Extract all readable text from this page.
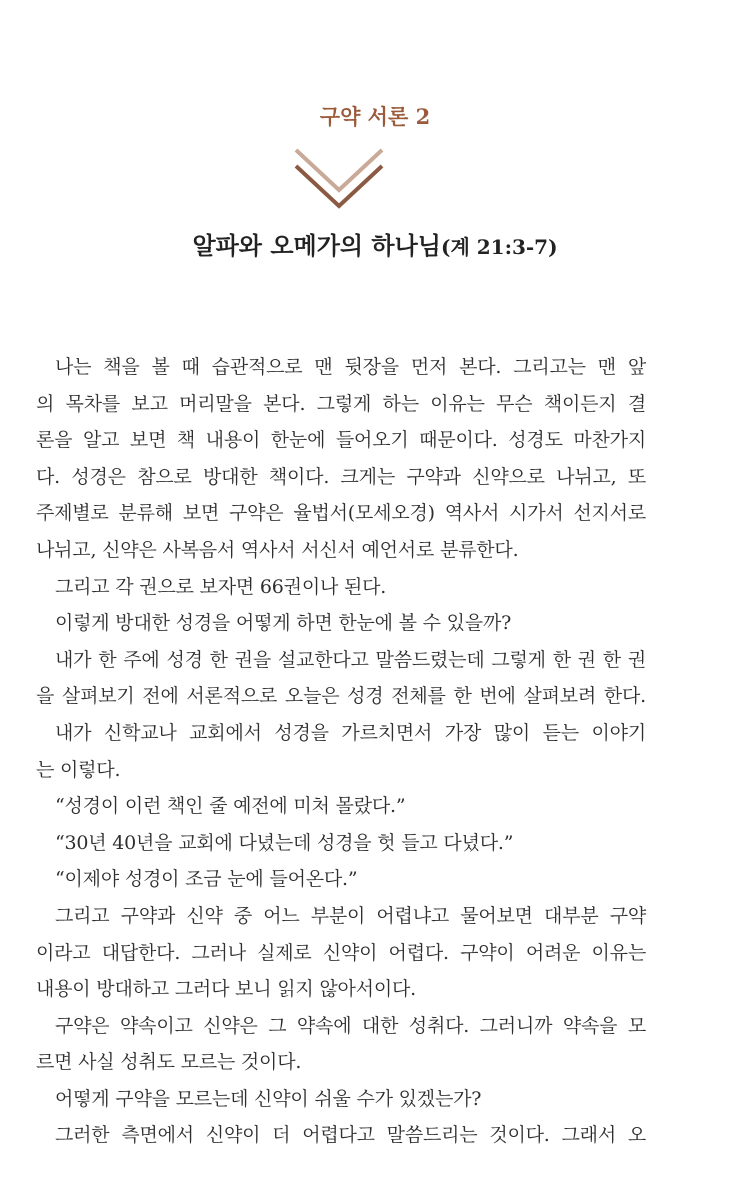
구약 서론 2
알파와 오메가의 하나님(계 21:3-7)
나는 책을 볼 때 습관적으로 맨 뒷장을 먼저 본다. 그리고는 맨 앞
의 목차를 보고 머리말을 본다. 그렇게 하는 이유는 무슨 책이든지 결
론을 알고 보면 책 내용이 한눈에 들어오기 때문이다. 성경도 마찬가지
다. 성경은 참으로 방대한 책이다. 크게는 구약과 신약으로 나뉘고, 또
주제별로 분류해 보면 구약은 율법서(모세오경) 역사서 시가서 선지서로
나뉘고, 신약은 사복음서 역사서 서신서 예언서로 분류한다.
그리고 각 권으로 보자면 66권이나 된다.
이렇게 방대한 성경을 어떻게 하면 한눈에 볼 수 있을까?
내가 한 주에 성경 한 권을 설교한다고 말씀드렸는데 그렇게 한 권 한 권
을 살펴보기 전에 서론적으로 오늘은 성경 전체를 한 번에 살펴보려 한다.
내가 신학교나 교회에서 성경을 가르치면서 가장 많이 듣는 이야기
는 이렇다.
“성경이 이런 책인 줄 예전에 미처 몰랐다.”
“30년 40년을 교회에 다녔는데 성경을 헛 들고 다녔다.”
“이제야 성경이 조금 눈에 들어온다.”
그리고 구약과 신약 중 어느 부분이 어렵냐고 물어보면 대부분 구약
이라고 대답한다. 그러나 실제로 신약이 어렵다. 구약이 어려운 이유는
내용이 방대하고 그러다 보니 읽지 않아서이다.
구약은 약속이고 신약은 그 약속에 대한 성취다. 그러니까 약속을 모
르면 사실 성취도 모르는 것이다.
어떻게 구약을 모르는데 신약이 쉬울 수가 있겠는가?
그러한 측면에서 신약이 더 어렵다고 말씀드리는 것이다. 그래서 오
